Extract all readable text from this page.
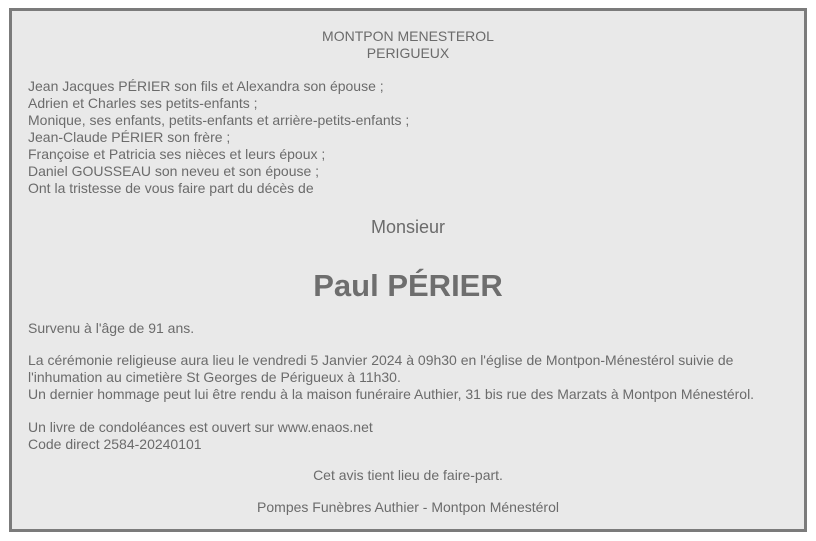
MONTPON MENESTEROL
PERIGUEUX
Jean Jacques PÉRIER son fils et Alexandra son épouse ;
Adrien et Charles ses petits-enfants ;
Monique, ses enfants, petits-enfants et arrière-petits-enfants ;
Jean-Claude PÉRIER son frère ;
Françoise et Patricia ses nièces et leurs époux ;
Daniel GOUSSEAU son neveu et son épouse ;
Ont la tristesse de vous faire part du décès de
Monsieur
Paul PÉRIER
Survenu à l'âge de 91 ans.
La cérémonie religieuse aura lieu le vendredi 5 Janvier 2024 à 09h30 en l'église de Montpon-Ménestérol suivie de
l'inhumation au cimetière St Georges de Périgueux à 11h30.
Un dernier hommage peut lui être rendu à la maison funéraire Authier, 31 bis rue des Marzats à Montpon Ménestérol.
Un livre de condoléances est ouvert sur www.enaos.net
Code direct 2584-20240101
Cet avis tient lieu de faire-part.
Pompes Funèbres Authier - Montpon Ménestérol
